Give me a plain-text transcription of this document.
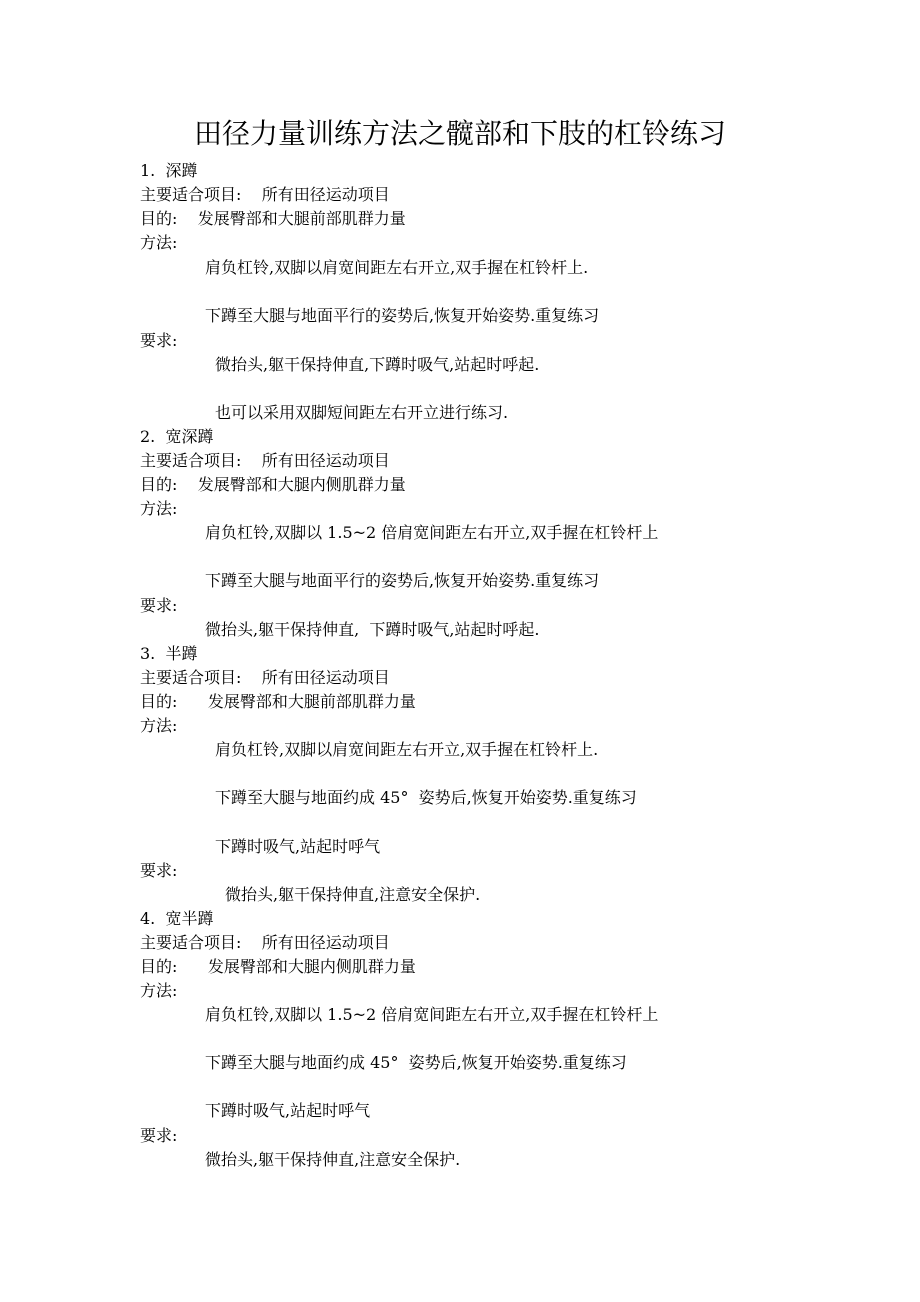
田径力量训练方法之髋部和下肢的杠铃练习
1.  深蹲
主要适合项目:    所有田径运动项目
目的:    发展臀部和大腿前部肌群力量
方法:
肩负杠铃,双脚以肩宽间距左右开立,双手握在杠铃杆上.
下蹲至大腿与地面平行的姿势后,恢复开始姿势.重复练习
要求:
微抬头,躯干保持伸直,下蹲时吸气,站起时呼起.
也可以采用双脚短间距左右开立进行练习.
2.  宽深蹲
主要适合项目:    所有田径运动项目
目的:    发展臀部和大腿内侧肌群力量
方法:
肩负杠铃,双脚以 1.5~2 倍肩宽间距左右开立,双手握在杠铃杆上
下蹲至大腿与地面平行的姿势后,恢复开始姿势.重复练习
要求:
微抬头,躯干保持伸直,  下蹲时吸气,站起时呼起.
3.  半蹲
主要适合项目:    所有田径运动项目
目的:      发展臀部和大腿前部肌群力量
方法:
肩负杠铃,双脚以肩宽间距左右开立,双手握在杠铃杆上.
下蹲至大腿与地面约成 45°  姿势后,恢复开始姿势.重复练习
下蹲时吸气,站起时呼气
要求:
微抬头,躯干保持伸直,注意安全保护.
4.  宽半蹲
主要适合项目:    所有田径运动项目
目的:      发展臀部和大腿内侧肌群力量
方法:
肩负杠铃,双脚以 1.5~2 倍肩宽间距左右开立,双手握在杠铃杆上
下蹲至大腿与地面约成 45°  姿势后,恢复开始姿势.重复练习
下蹲时吸气,站起时呼气
要求:
微抬头,躯干保持伸直,注意安全保护.
